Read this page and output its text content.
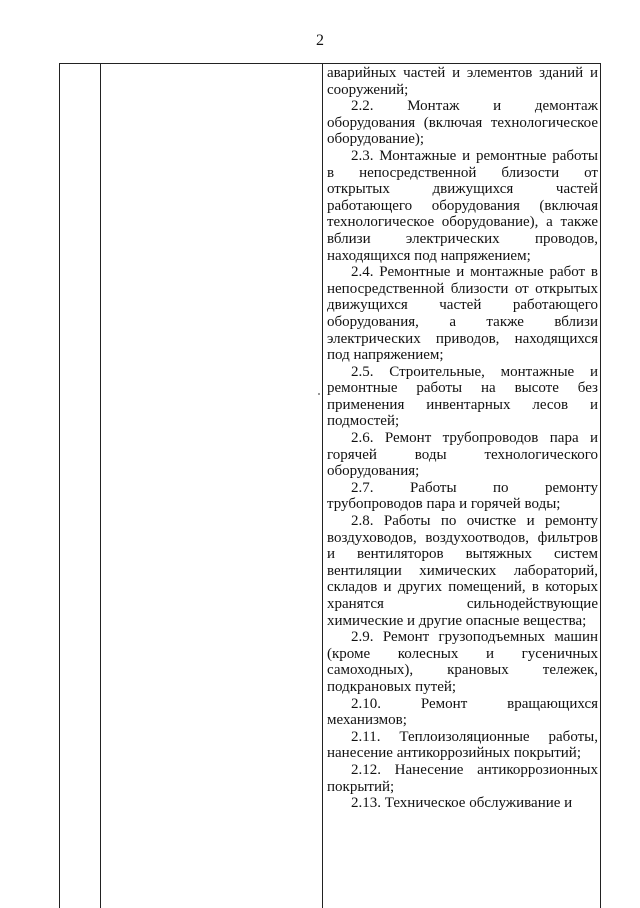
2

аварийных частей и элементов зданий и сооружений;

2.2. Монтаж и демонтаж оборудования (включая технологическое оборудование);

2.3. Монтажные и ремонтные работы в непосредственной близости от открытых движущихся частей работающего оборудования (включая технологическое оборудование), а также вблизи электрических проводов, находящихся под напряжением;

2.4. Ремонтные и монтажные работ в непосредственной близости от открытых движущихся частей работающего оборудования, а также вблизи электрических приводов, находящихся под напряжением;

2.5. Строительные, монтажные и ремонтные работы на высоте без применения инвентарных лесов и подмостей;

2.6. Ремонт трубопроводов пара и горячей воды технологического оборудования;

2.7. Работы по ремонту трубопроводов пара и горячей воды;

2.8. Работы по очистке и ремонту воздуховодов, воздухоотводов, фильтров и вентиляторов вытяжных систем вентиляции химических лабораторий, складов и других помещений, в которых хранятся сильнодействующие химические и другие опасные вещества;

2.9. Ремонт грузоподъемных машин (кроме колесных и гусеничных самоходных), крановых тележек, подкрановых путей;

2.10. Ремонт вращающихся механизмов;

2.11. Теплоизоляционные работы, нанесение антикоррозийных покрытий;

2.12. Нанесение антикоррозионных покрытий;

2.13. Техническое обслуживание и
